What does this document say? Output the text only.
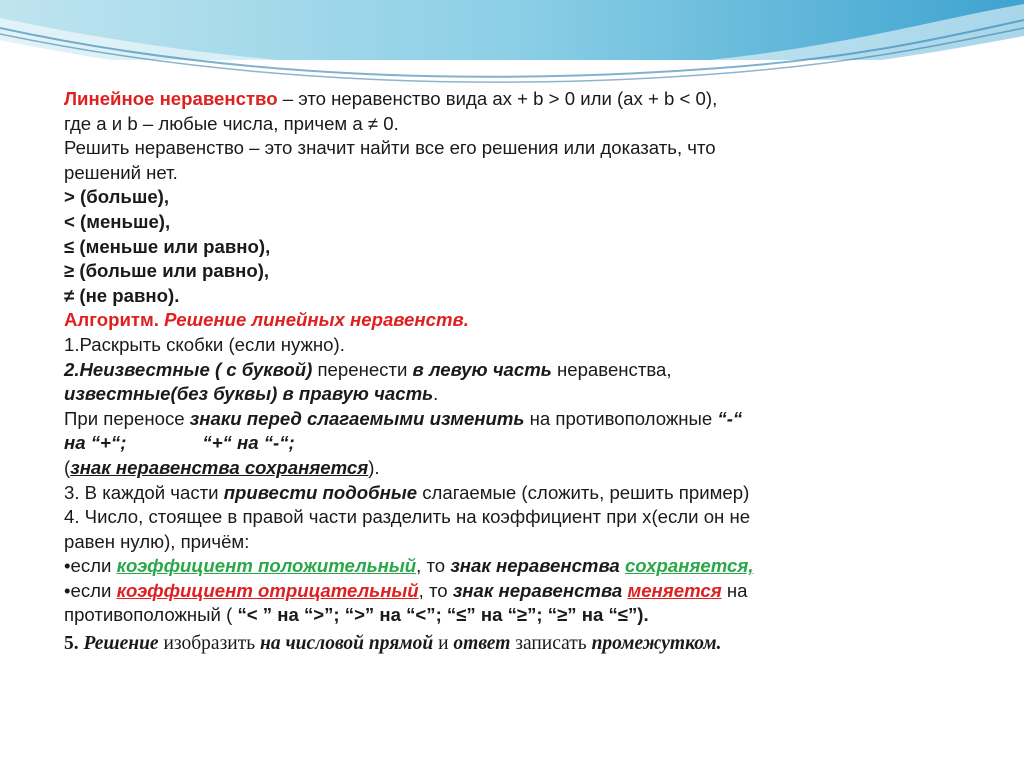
Линейное неравенство – это неравенство вида ax + b > 0 или (ax + b < 0),
где a и b – любые числа, причем a ≠ 0.
Решить неравенство – это значит найти все его решения или доказать, что
решений нет.
> (больше),
< (меньше),
≤ (меньше или равно),
≥ (больше или равно),
≠ (не равно).
Алгоритм. Решение линейных неравенств.
1.Раскрыть скобки (если нужно).
2.Неизвестные ( с буквой) перенести в левую часть неравенства,
известные(без буквы) в правую часть.
При переносе знаки перед слагаемыми изменить на противоположные “-“
на “+“;	“+“ на “-“;
(знак неравенства сохраняется).
3. В каждой части привести подобные слагаемые (сложить, решить пример)
4. Число, стоящее в правой части разделить на коэффициент при x(если он не
равен нулю), причём:
•если коэффициент положительный, то знак неравенства сохраняется,
•если коэффициент отрицательный, то знак неравенства меняется на
противоположный ( “< ” на “>”; “>” на “<”; “≤” на “≥”; “≥” на “≤”).
5. Решение изобразить на числовой прямой и ответ записать промежутком.
